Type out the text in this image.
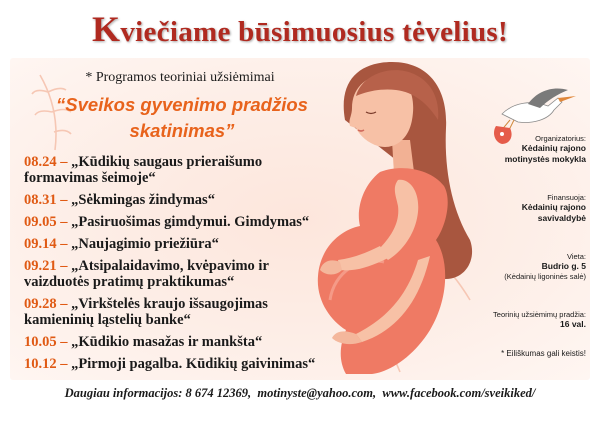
Kviečiame būsimuosius tėvelius!
* Programos teoriniai užsiėmimai
“Sveikos gyvenimo pradžios
skatinimas”
08.24 – „Kūdikių saugaus prieraišumo
formavimas šeimoje“
08.31 – „Sėkmingas žindymas“
09.05 – „Pasiruošimas gimdymui. Gimdymas“
09.14 – „Naujagimio priežiūra“
09.21 – „Atsipalaidavimo, kvėpavimo ir
vaizduotės pratimų praktikumas“
09.28 – „Virkštelės kraujo išsaugojimas
kamieninių ląstelių banke“
10.05 – „Kūdikio masažas ir mankšta“
10.12 – „Pirmoji pagalba. Kūdikių gaivinimas“
Organizatorius:
Kėdainių rajono
motinystės mokykla
Finansuoja:
Kėdainių rajono
savivaldybė
Vieta:
Budrio g. 5
(Kėdainių ligoninės salė)
Teorinių užsiėmimų pradžia:
16 val.
* Eiliškumas gali keistis!
Daugiau informacijos: 8 674 12369,  motinyste@yahoo.com,  www.facebook.com/sveikiked/
